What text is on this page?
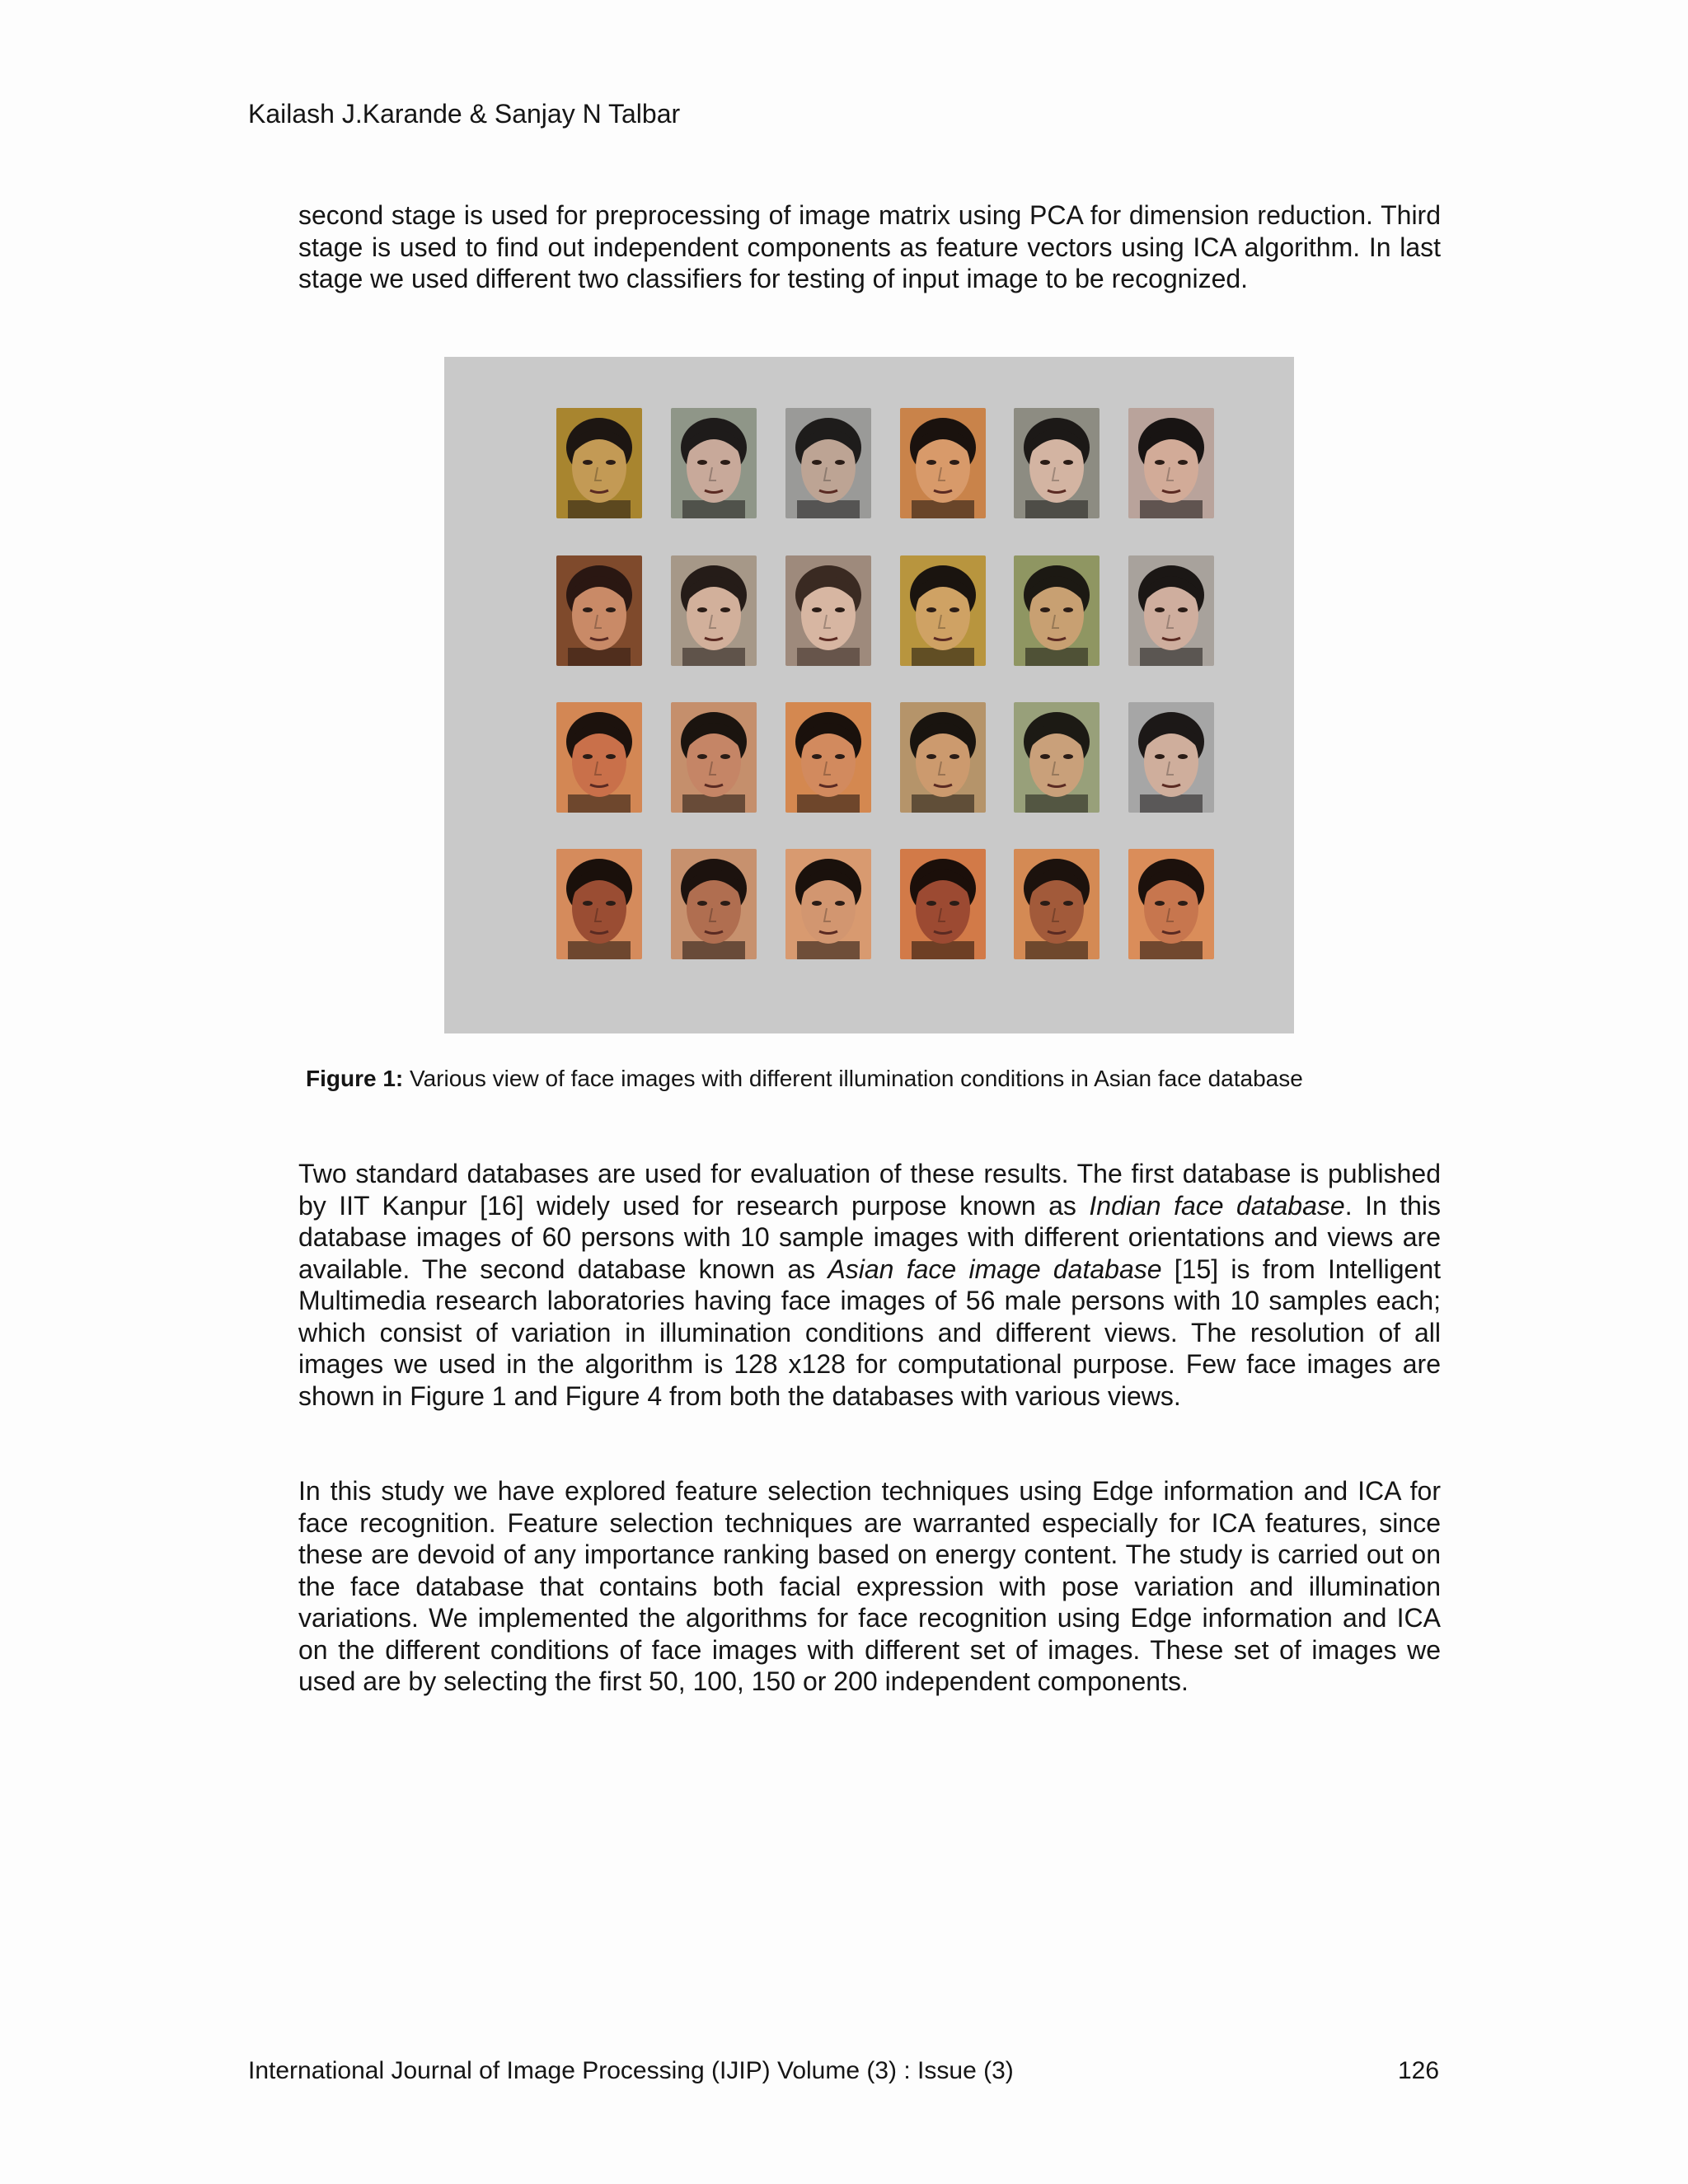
Kailash J.Karande & Sanjay N Talbar

second stage is used for preprocessing of image matrix using PCA for dimension reduction. Third stage is used to find out independent components as feature vectors using ICA algorithm. In last stage we used different two classifiers for testing of input image to be recognized.

Figure 1: Various view of face images with different illumination conditions in Asian face database

Two standard databases are used for evaluation of these results. The first database is published by IIT Kanpur [16] widely used for research purpose known as Indian face database. In this database images of 60 persons with 10 sample images with different orientations and views are available. The second database known as Asian face image database [15] is from Intelligent Multimedia research laboratories having face images of 56 male persons with 10 samples each; which consist of variation in illumination conditions and different views. The resolution of all images we used in the algorithm is 128 x128 for computational purpose. Few face images are shown in Figure 1 and Figure 4 from both the databases with various views.

In this study we have explored feature selection techniques using Edge information and ICA for face recognition. Feature selection techniques are warranted especially for ICA features, since these are devoid of any importance ranking based on energy content. The study is carried out on the face database that contains both facial expression with pose variation and illumination variations. We implemented the algorithms for face recognition using Edge information and ICA on the different conditions of face images with different set of images. These set of images we used are by selecting the first 50, 100, 150 or 200 independent components.

International Journal of Image Processing (IJIP) Volume (3) : Issue (3)	126
